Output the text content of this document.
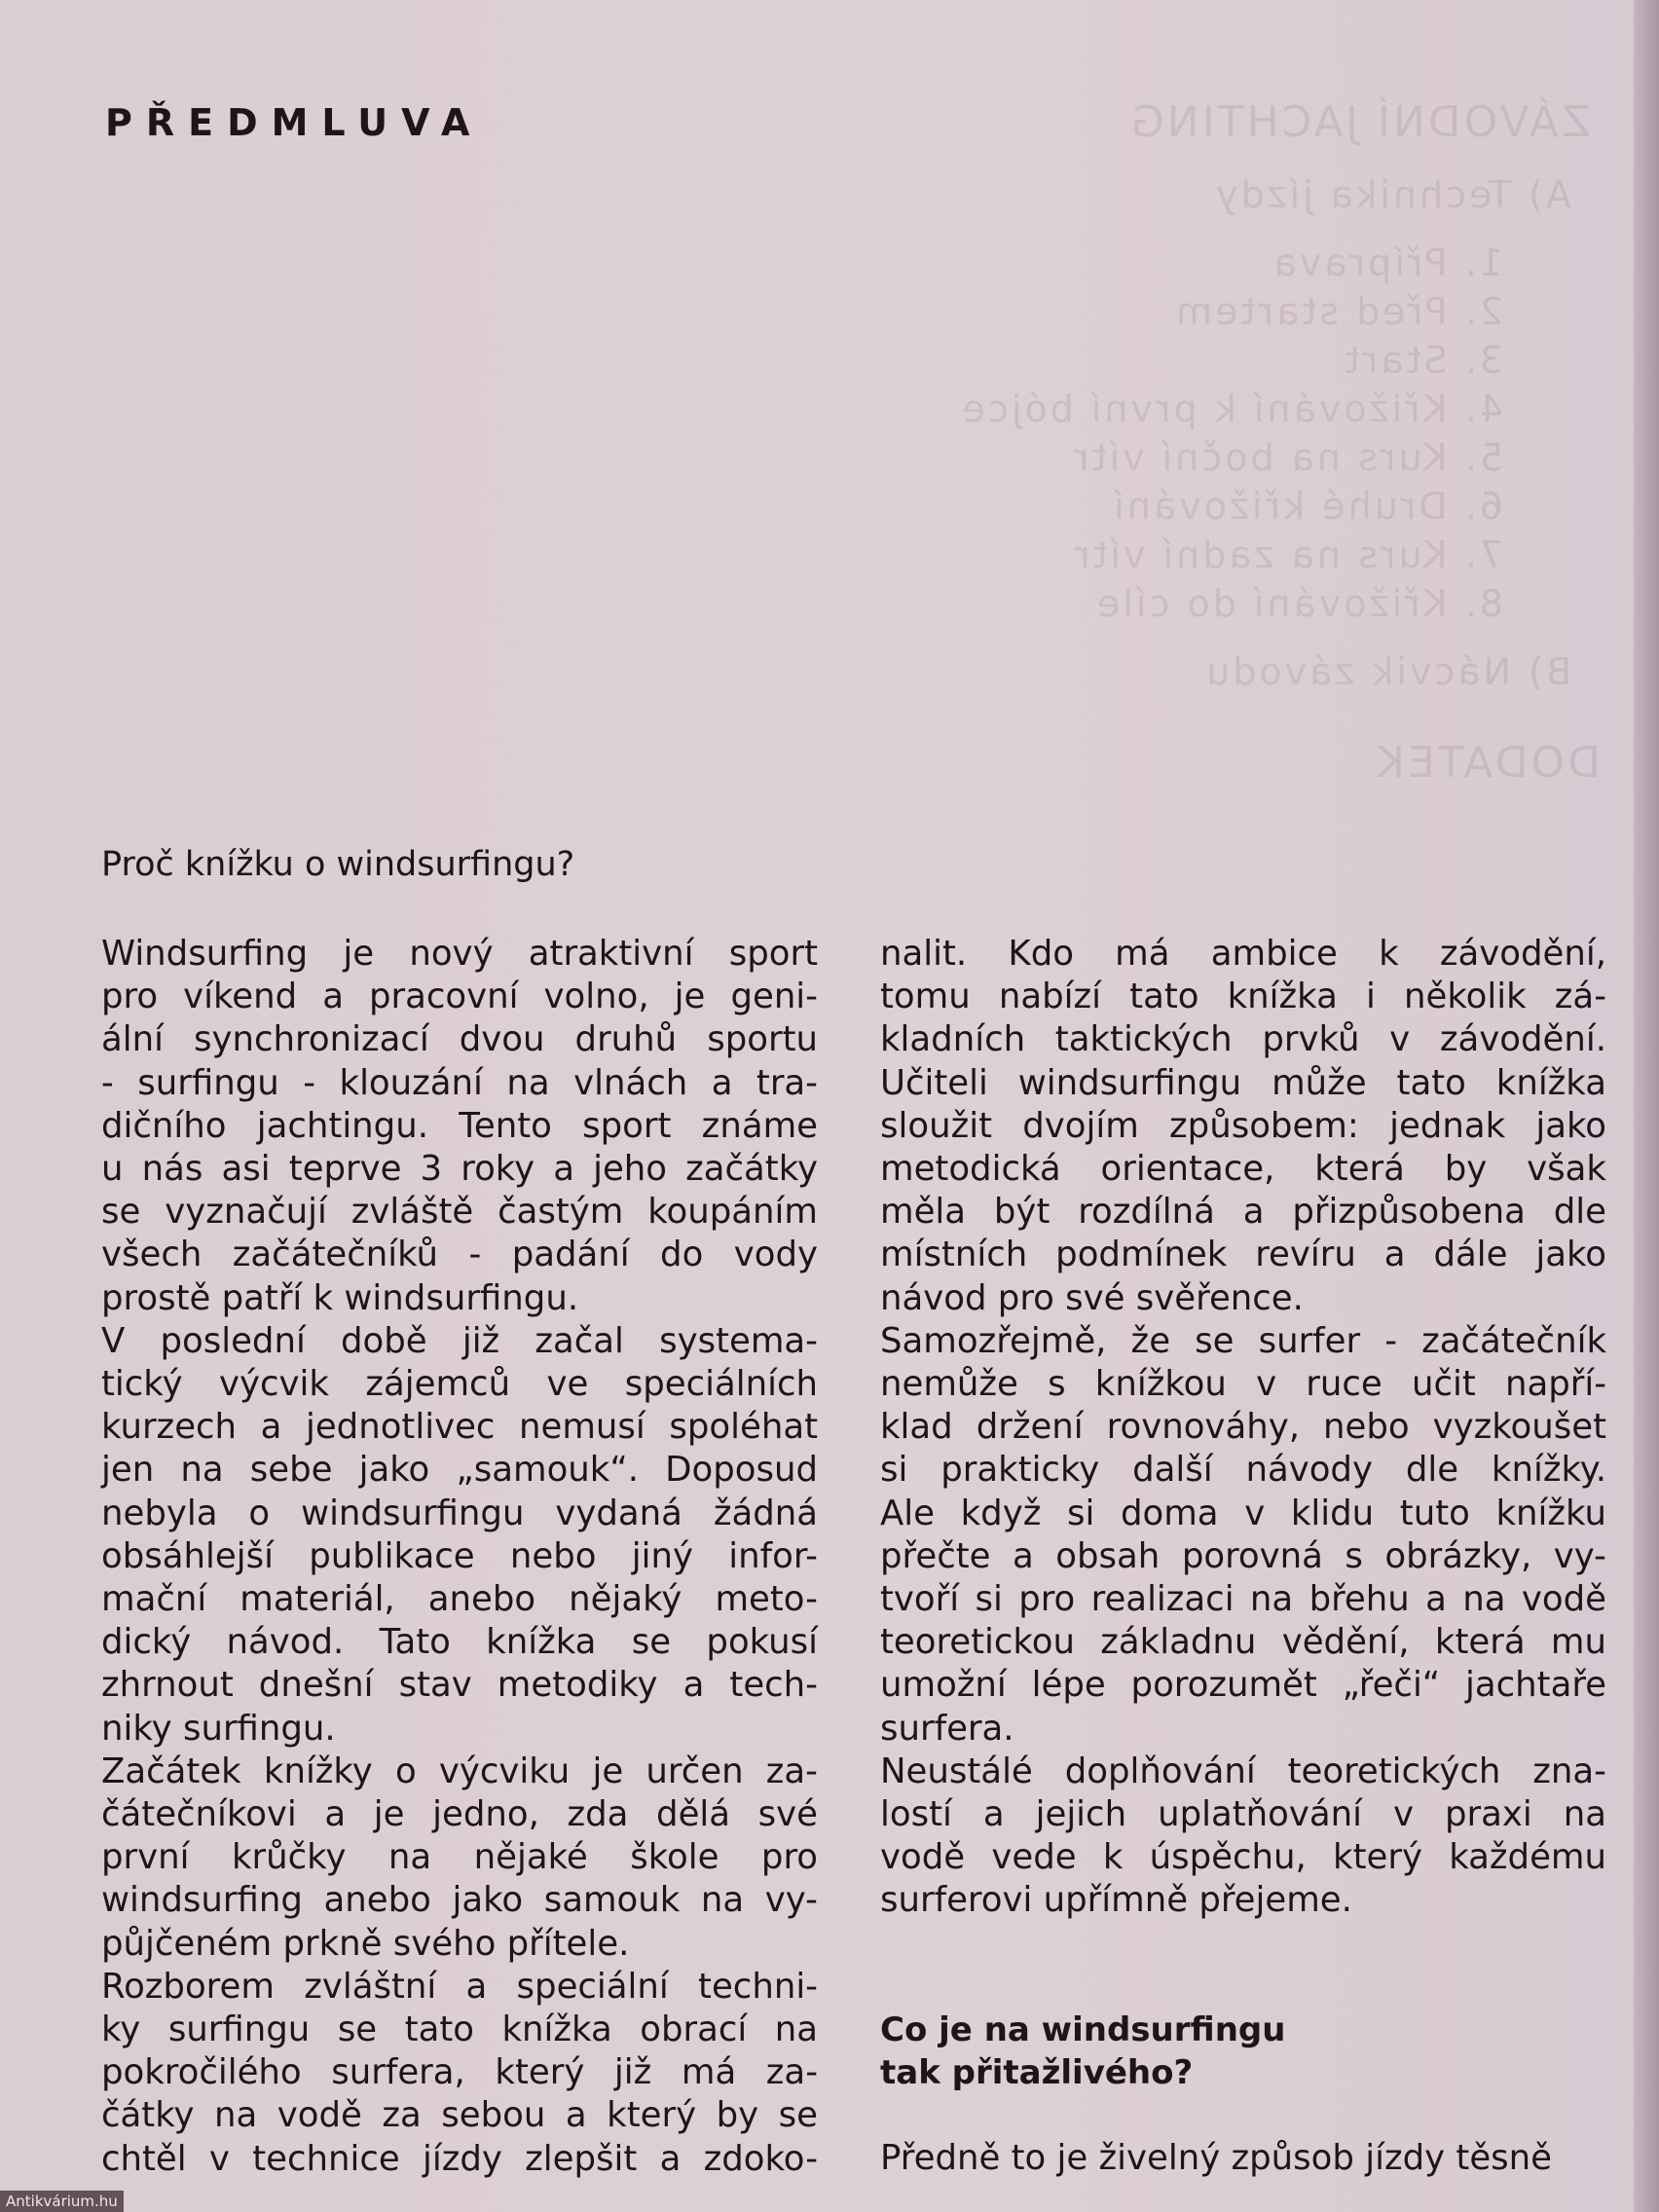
ZÁVODNÍ JACHTING
A) Technika jízdy
1. Příprava
2. Před startem
3. Start
4. Křižování k první bójce
5. Kurs na boční vítr
6. Druhé křižování
7. Kurs na zadní vítr
8. Křižování do cíle
B) Nácvik závodu
DODATEK
PŘEDMLUVA
Proč knížku o windsurfingu?
Windsurfing je nový atraktivní sport
pro víkend a pracovní volno, je geni-
ální synchronizací dvou druhů sportu
- surfingu - klouzání na vlnách a tra-
dičního jachtingu. Tento sport známe
u nás asi teprve 3 roky a jeho začátky
se vyznačují zvláště častým koupáním
všech začátečníků - padání do vody
prostě patří k windsurfingu.
V poslední době již začal systema-
tický výcvik zájemců ve speciálních
kurzech a jednotlivec nemusí spoléhat
jen na sebe jako „samouk“. Doposud
nebyla o windsurfingu vydaná žádná
obsáhlejší publikace nebo jiný infor-
mační materiál, anebo nějaký meto-
dický návod. Tato knížka se pokusí
zhrnout dnešní stav metodiky a tech-
niky surfingu.
Začátek knížky o výcviku je určen za-
čátečníkovi a je jedno, zda dělá své
první krůčky na nějaké škole pro
windsurfing anebo jako samouk na vy-
půjčeném prkně svého přítele.
Rozborem zvláštní a speciální techni-
ky surfingu se tato knížka obrací na
pokročilého surfera, který již má za-
čátky na vodě za sebou a který by se
chtěl v technice jízdy zlepšit a zdoko-
nalit. Kdo má ambice k závodění,
tomu nabízí tato knížka i několik zá-
kladních taktických prvků v závodění.
Učiteli windsurfingu může tato knížka
sloužit dvojím způsobem: jednak jako
metodická orientace, která by však
měla být rozdílná a přizpůsobena dle
místních podmínek revíru a dále jako
návod pro své svěřence.
Samozřejmě, že se surfer - začátečník
nemůže s knížkou v ruce učit napří-
klad držení rovnováhy, nebo vyzkoušet
si prakticky další návody dle knížky.
Ale když si doma v klidu tuto knížku
přečte a obsah porovná s obrázky, vy-
tvoří si pro realizaci na břehu a na vodě
teoretickou základnu vědění, která mu
umožní lépe porozumět „řeči“ jachtaře
surfera.
Neustálé doplňování teoretických zna-
lostí a jejich uplatňování v praxi na
vodě vede k úspěchu, který každému
surferovi upřímně přejeme.
Co je na windsurfingu
tak přitažlivého?
Předně to je živelný způsob jízdy těsně
Antikvárium.hu
